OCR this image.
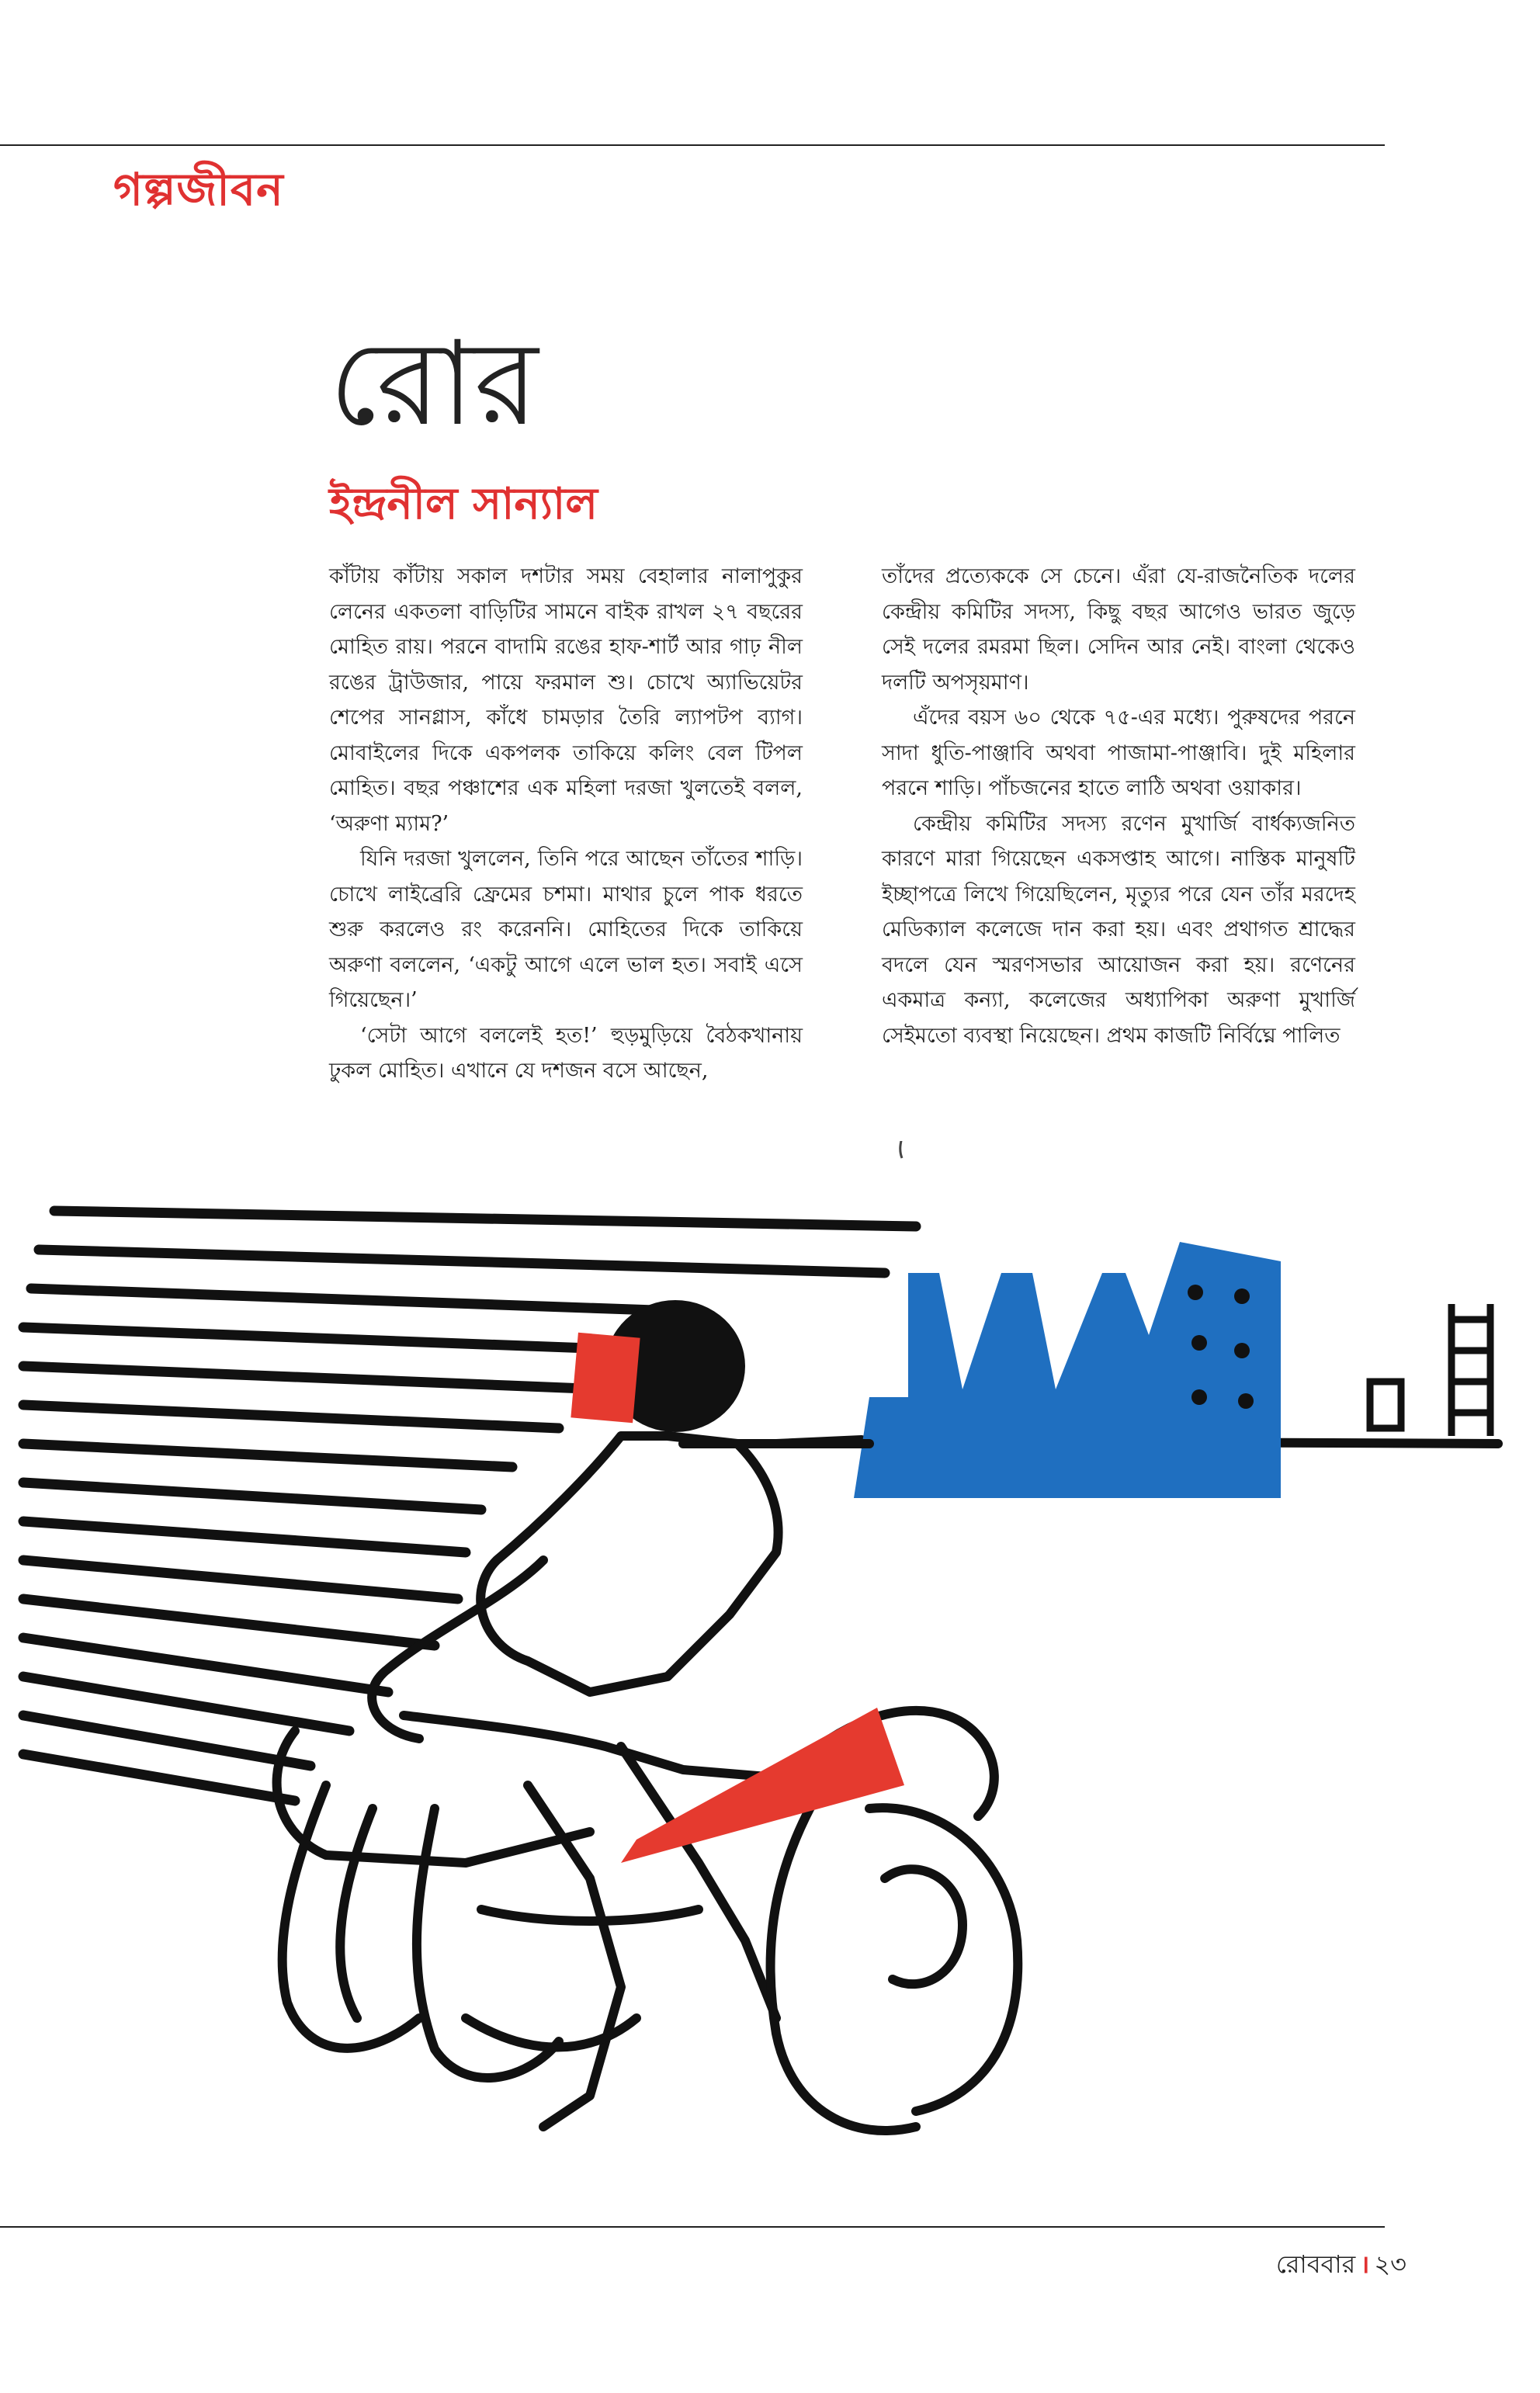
গল্পজীবন
রোর
ইন্দ্রনীল সান্যাল

কাঁটায় কাঁটায় সকাল দশটার সময় বেহালার নালাপুকুর লেনের একতলা বাড়িটির সামনে বাইক রাখল ২৭ বছরের মোহিত রায়। পরনে বাদামি রঙের হাফ-শার্ট আর গাঢ় নীল রঙের ট্রাউজার, পায়ে ফরমাল শু। চোখে অ্যাভিয়েটর শেপের সানগ্লাস, কাঁধে চামড়ার তৈরি ল্যাপটপ ব্যাগ। মোবাইলের দিকে একপলক তাকিয়ে কলিং বেল টিপল মোহিত। বছর পঞ্চাশের এক মহিলা দরজা খুলতেই বলল, ‘অরুণা ম্যাম?’

যিনি দরজা খুললেন, তিনি পরে আছেন তাঁতের শাড়ি। চোখে লাইব্রেরি ফ্রেমের চশমা। মাথার চুলে পাক ধরতে শুরু করলেও রং করেননি। মোহিতের দিকে তাকিয়ে অরুণা বললেন, ‘একটু আগে এলে ভাল হত। সবাই এসে গিয়েছেন।’

‘সেটা আগে বললেই হত!’ হুড়মুড়িয়ে বৈঠকখানায় ঢুকল মোহিত। এখানে যে দশজন বসে আছেন,

তাঁদের প্রত্যেককে সে চেনে। এঁরা যে-রাজনৈতিক দলের কেন্দ্রীয় কমিটির সদস্য, কিছু বছর আগেও ভারত জুড়ে সেই দলের রমরমা ছিল। সেদিন আর নেই। বাংলা থেকেও দলটি অপসৃয়মাণ।

এঁদের বয়স ৬০ থেকে ৭৫-এর মধ্যে। পুরুষদের পরনে সাদা ধুতি-পাঞ্জাবি অথবা পাজামা-পাঞ্জাবি। দুই মহিলার পরনে শাড়ি। পাঁচজনের হাতে লাঠি অথবা ওয়াকার।

কেন্দ্রীয় কমিটির সদস্য রণেন মুখার্জি বার্ধক্যজনিত কারণে মারা গিয়েছেন একসপ্তাহ আগে। নাস্তিক মানুষটি ইচ্ছাপত্রে লিখে গিয়েছিলেন, মৃত্যুর পরে যেন তাঁর মরদেহ মেডিক্যাল কলেজে দান করা হয়। এবং প্রথাগত শ্রাদ্ধের বদলে যেন স্মরণসভার আয়োজন করা হয়। রণেনের একমাত্র কন্যা, কলেজের অধ্যাপিকা অরুণা মুখার্জি সেইমতো ব্যবস্থা নিয়েছেন। প্রথম কাজটি নির্বিঘ্নে পালিত

রোববার । ২৩
